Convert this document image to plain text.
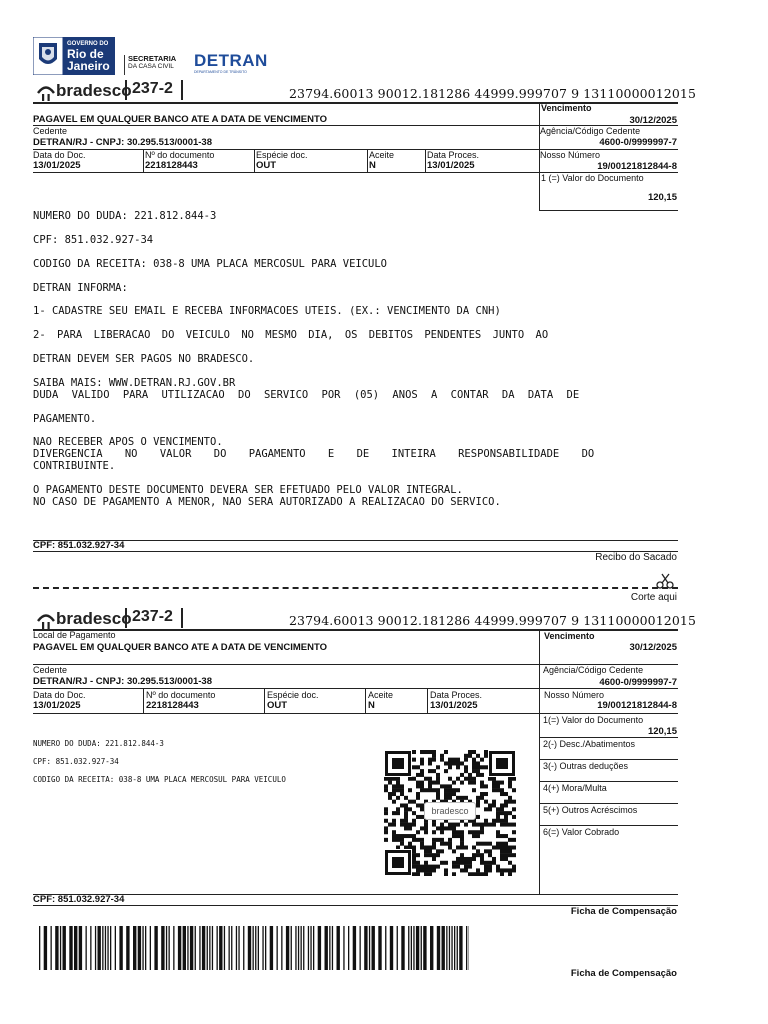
GOVERNO DO
Rio de
Janeiro
SECRETARIA
DA CASA CIVIL	DETRAN
DEPARTAMENTO DE TRÂNSITO
bradesco 237-2	23794.60013 90012.181286 44999.999707 9 13110000012015
PAGAVEL EM QUALQUER BANCO ATE A DATA DE VENCIMENTO
Vencimento
30/12/2025
Cedente
DETRAN/RJ - CNPJ: 30.295.513/0001-38
Agência/Código Cedente
4600-0/9999997-7
Data do Doc.
13/01/2025
Nº do documento
2218128443
Espécie doc.
OUT
Aceite
N
Data Proces.
13/01/2025
Nosso Número
19/00121812844-8
1 (=) Valor do Documento
120,15
NUMERO DO DUDA: 221.812.844-3
CPF: 851.032.927-34
CODIGO DA RECEITA: 038-8 UMA PLACA MERCOSUL PARA VEICULO
DETRAN INFORMA:
1- CADASTRE SEU EMAIL E RECEBA INFORMACOES UTEIS. (EX.: VENCIMENTO DA CNH)
2- PARA LIBERACAO DO VEICULO NO MESMO DIA, OS DEBITOS PENDENTES JUNTO AO
DETRAN DEVEM SER PAGOS NO BRADESCO.
SAIBA MAIS: WWW.DETRAN.RJ.GOV.BR
DUDA VALIDO PARA UTILIZACAO DO SERVICO POR (05) ANOS A CONTAR DA DATA DE
PAGAMENTO.
NAO RECEBER APOS O VENCIMENTO.
DIVERGENCIA NO VALOR DO PAGAMENTO E DE INTEIRA RESPONSABILIDADE DO
CONTRIBUINTE.
O PAGAMENTO DESTE DOCUMENTO DEVERA SER EFETUADO PELO VALOR INTEGRAL.
NO CASO DE PAGAMENTO A MENOR, NAO SERA AUTORIZADO A REALIZACAO DO SERVICO.
CPF: 851.032.927-34
Recibo do Sacado
Corte aqui
bradesco 237-2	23794.60013 90012.181286 44999.999707 9 13110000012015
Local de Pagamento
PAGAVEL EM QUALQUER BANCO ATE A DATA DE VENCIMENTO
Vencimento
30/12/2025
Cedente
DETRAN/RJ - CNPJ: 30.295.513/0001-38
Agência/Código Cedente
4600-0/9999997-7
Data do Doc.
13/01/2025
Nº do documento
2218128443
Espécie doc.
OUT
Aceite
N
Data Proces.
13/01/2025
Nosso Número
19/00121812844-8
1(=) Valor do Documento
120,15
2(-) Desc./Abatimentos
3(-) Outras deduções
4(+) Mora/Multa
5(+) Outros Acréscimos
6(=) Valor Cobrado
NUMERO DO DUDA: 221.812.844-3
CPF: 851.032.927-34
CODIGO DA RECEITA: 038-8 UMA PLACA MERCOSUL PARA VEICULO
bradesco
CPF: 851.032.927-34
Ficha de Compensação
Ficha de Compensação
